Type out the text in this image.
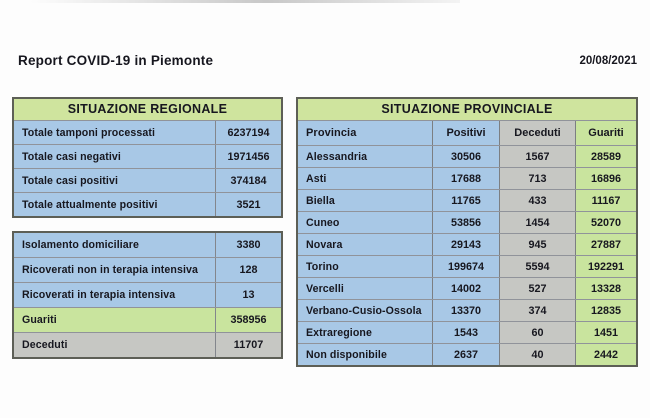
Report COVID-19 in Piemonte	20/08/2021
SITUAZIONE REGIONALE
Totale tamponi processati	6237194
Totale casi negativi	1971456
Totale casi positivi	374184
Totale attualmente positivi	3521
Isolamento domiciliare	3380
Ricoverati non in terapia intensiva	128
Ricoverati in terapia intensiva	13
Guariti	358956
Deceduti	11707
SITUAZIONE PROVINCIALE
Provincia	Positivi	Deceduti	Guariti
Alessandria	30506	1567	28589
Asti	17688	713	16896
Biella	11765	433	11167
Cuneo	53856	1454	52070
Novara	29143	945	27887
Torino	199674	5594	192291
Vercelli	14002	527	13328
Verbano-Cusio-Ossola	13370	374	12835
Extraregione	1543	60	1451
Non disponibile	2637	40	2442
